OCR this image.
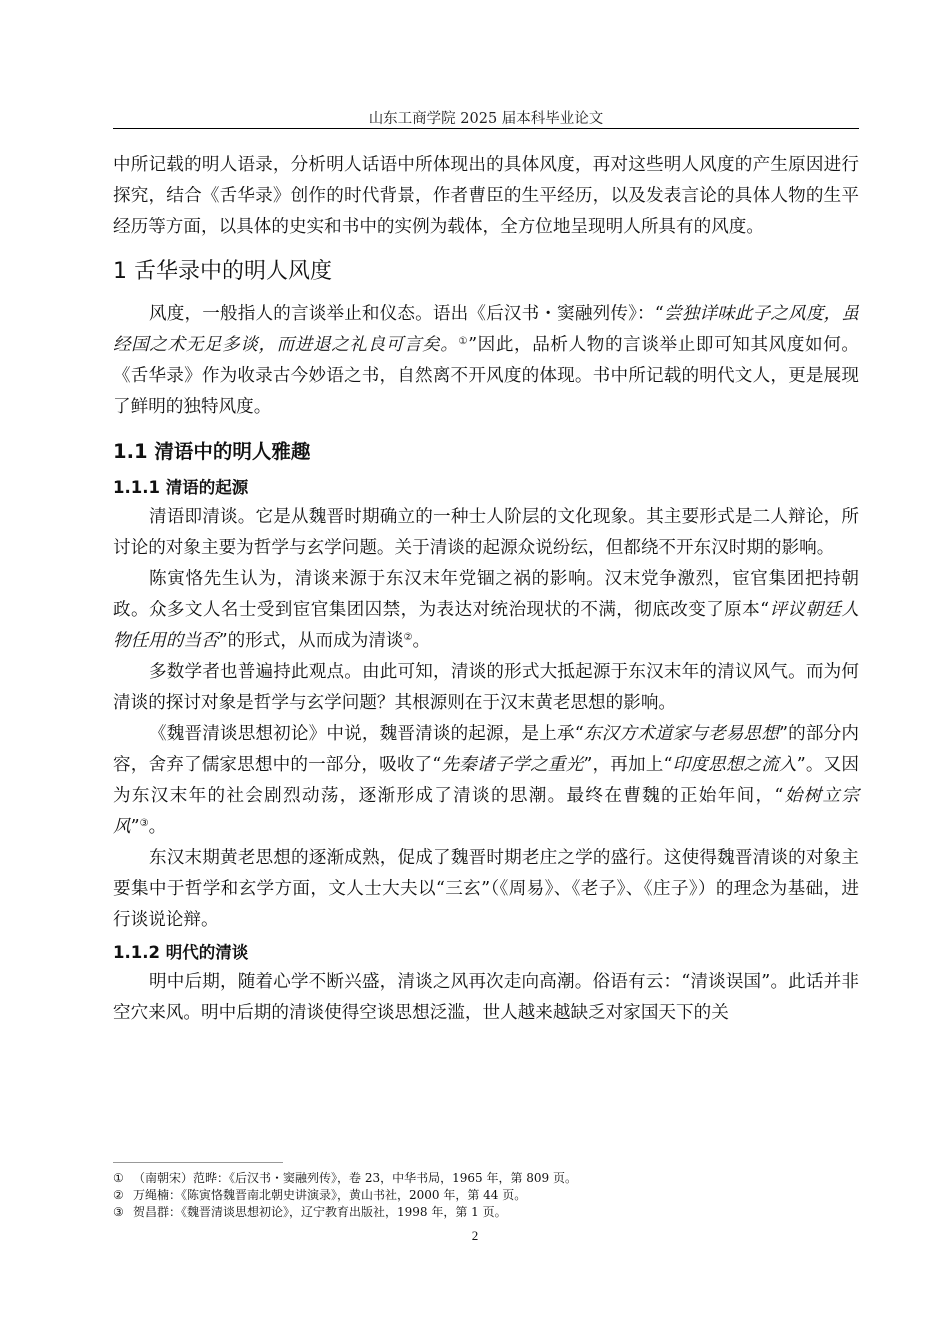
山东工商学院 2025 届本科毕业论文

中所记载的明人语录，分析明人话语中所体现出的具体风度，再对这些明人风度的产生原因进行探究，结合《舌华录》创作的时代背景，作者曹臣的生平经历，以及发表言论的具体人物的生平经历等方面，以具体的史实和书中的实例为载体，全方位地呈现明人所具有的风度。

1 舌华录中的明人风度

风度，一般指人的言谈举止和仪态。语出《后汉书・窦融列传》：“尝独详味此子之风度，虽经国之术无足多谈，而进退之礼良可言矣。①”因此，品析人物的言谈举止即可知其风度如何。《舌华录》作为收录古今妙语之书，自然离不开风度的体现。书中所记载的明代文人，更是展现了鲜明的独特风度。

1.1 清语中的明人雅趣
1.1.1 清语的起源

清语即清谈。它是从魏晋时期确立的一种士人阶层的文化现象。其主要形式是二人辩论，所讨论的对象主要为哲学与玄学问题。关于清谈的起源众说纷纭，但都绕不开东汉时期的影响。

陈寅恪先生认为，清谈来源于东汉末年党锢之祸的影响。汉末党争激烈，宦官集团把持朝政。众多文人名士受到宦官集团囚禁，为表达对统治现状的不满，彻底改变了原本“评议朝廷人物任用的当否”的形式，从而成为清谈②。

多数学者也普遍持此观点。由此可知，清谈的形式大抵起源于东汉末年的清议风气。而为何清谈的探讨对象是哲学与玄学问题？其根源则在于汉末黄老思想的影响。

《魏晋清谈思想初论》中说，魏晋清谈的起源，是上承“东汉方术道家与老易思想”的部分内容，舍弃了儒家思想中的一部分，吸收了“先秦诸子学之重光”，再加上“印度思想之流入”。又因为东汉末年的社会剧烈动荡，逐渐形成了清谈的思潮。最终在曹魏的正始年间，“始树立宗风”③。

东汉末期黄老思想的逐渐成熟，促成了魏晋时期老庄之学的盛行。这使得魏晋清谈的对象主要集中于哲学和玄学方面，文人士大夫以“三玄”（《周易》、《老子》、《庄子》）的理念为基础，进行谈说论辩。

1.1.2 明代的清谈

明中后期，随着心学不断兴盛，清谈之风再次走向高潮。俗语有云：“清谈误国”。此话并非空穴来风。明中后期的清谈使得空谈思想泛滥，世人越来越缺乏对家国天下的关

① （南朝宋）范晔：《后汉书・窦融列传》，卷 23，中华书局，1965 年，第 809 页。

② 万绳楠：《陈寅恪魏晋南北朝史讲演录》，黄山书社，2000 年，第 44 页。

③ 贺昌群：《魏晋清谈思想初论》，辽宁教育出版社，1998 年，第 1 页。

2
